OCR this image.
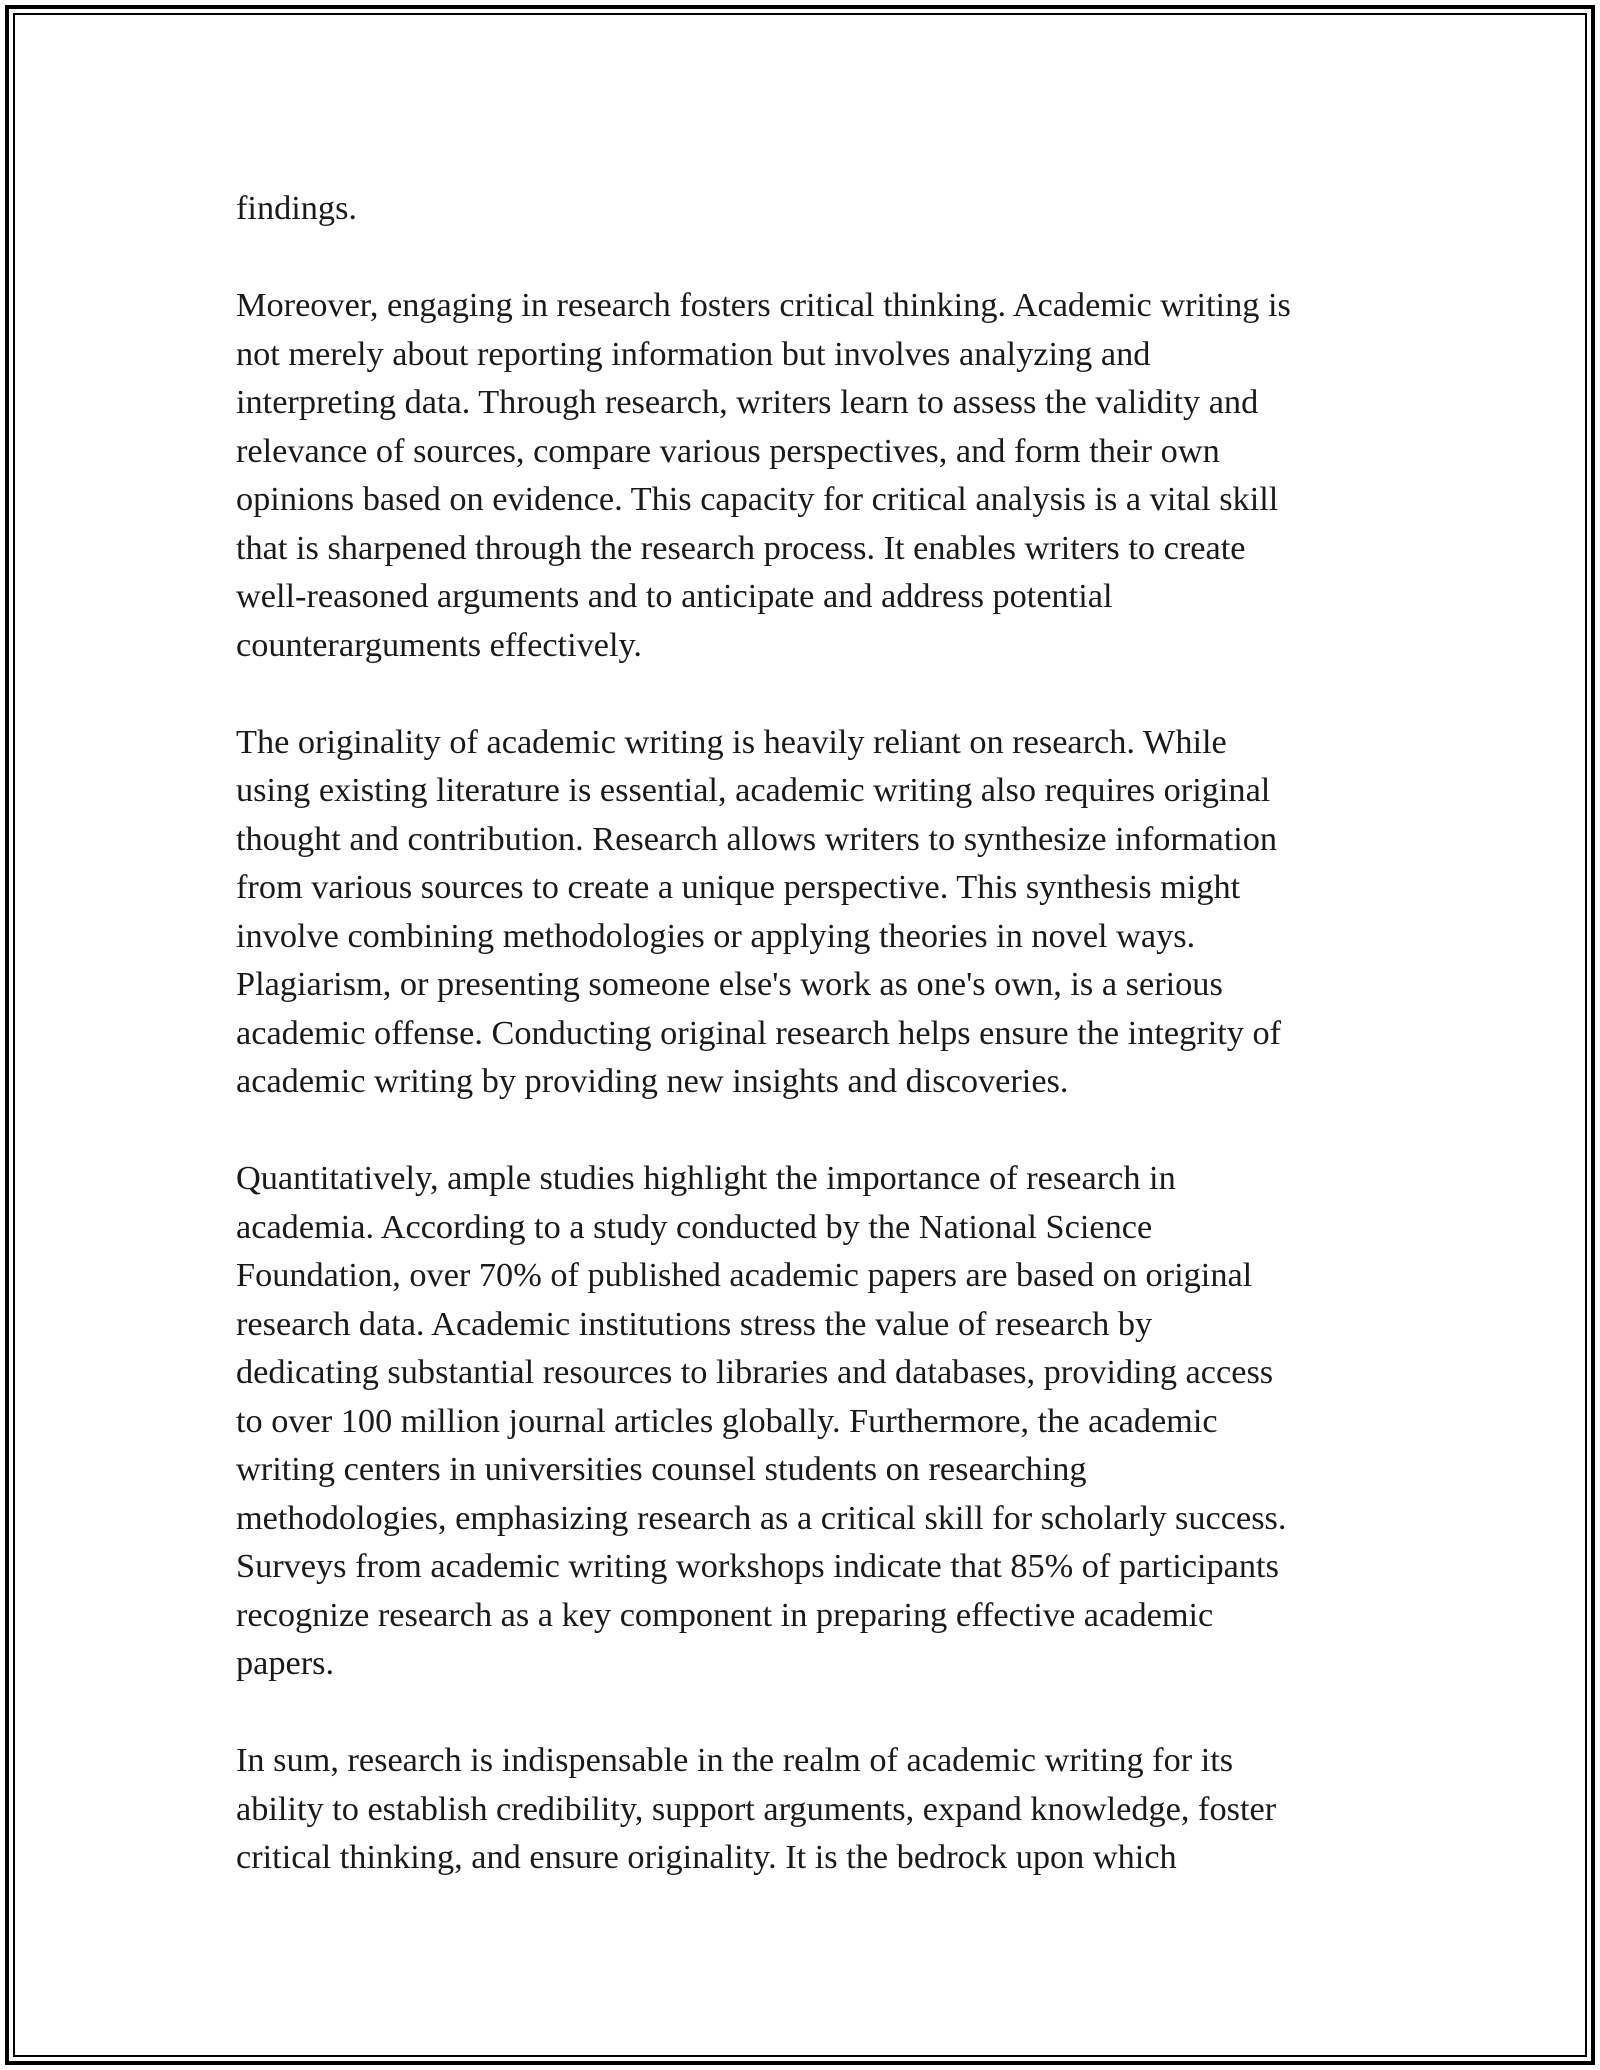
findings.

Moreover, engaging in research fosters critical thinking. Academic writing is
not merely about reporting information but involves analyzing and
interpreting data. Through research, writers learn to assess the validity and
relevance of sources, compare various perspectives, and form their own
opinions based on evidence. This capacity for critical analysis is a vital skill
that is sharpened through the research process. It enables writers to create
well-reasoned arguments and to anticipate and address potential
counterarguments effectively.

The originality of academic writing is heavily reliant on research. While
using existing literature is essential, academic writing also requires original
thought and contribution. Research allows writers to synthesize information
from various sources to create a unique perspective. This synthesis might
involve combining methodologies or applying theories in novel ways.
Plagiarism, or presenting someone else's work as one's own, is a serious
academic offense. Conducting original research helps ensure the integrity of
academic writing by providing new insights and discoveries.

Quantitatively, ample studies highlight the importance of research in
academia. According to a study conducted by the National Science
Foundation, over 70% of published academic papers are based on original
research data. Academic institutions stress the value of research by
dedicating substantial resources to libraries and databases, providing access
to over 100 million journal articles globally. Furthermore, the academic
writing centers in universities counsel students on researching
methodologies, emphasizing research as a critical skill for scholarly success.
Surveys from academic writing workshops indicate that 85% of participants
recognize research as a key component in preparing effective academic
papers.

In sum, research is indispensable in the realm of academic writing for its
ability to establish credibility, support arguments, expand knowledge, foster
critical thinking, and ensure originality. It is the bedrock upon which
